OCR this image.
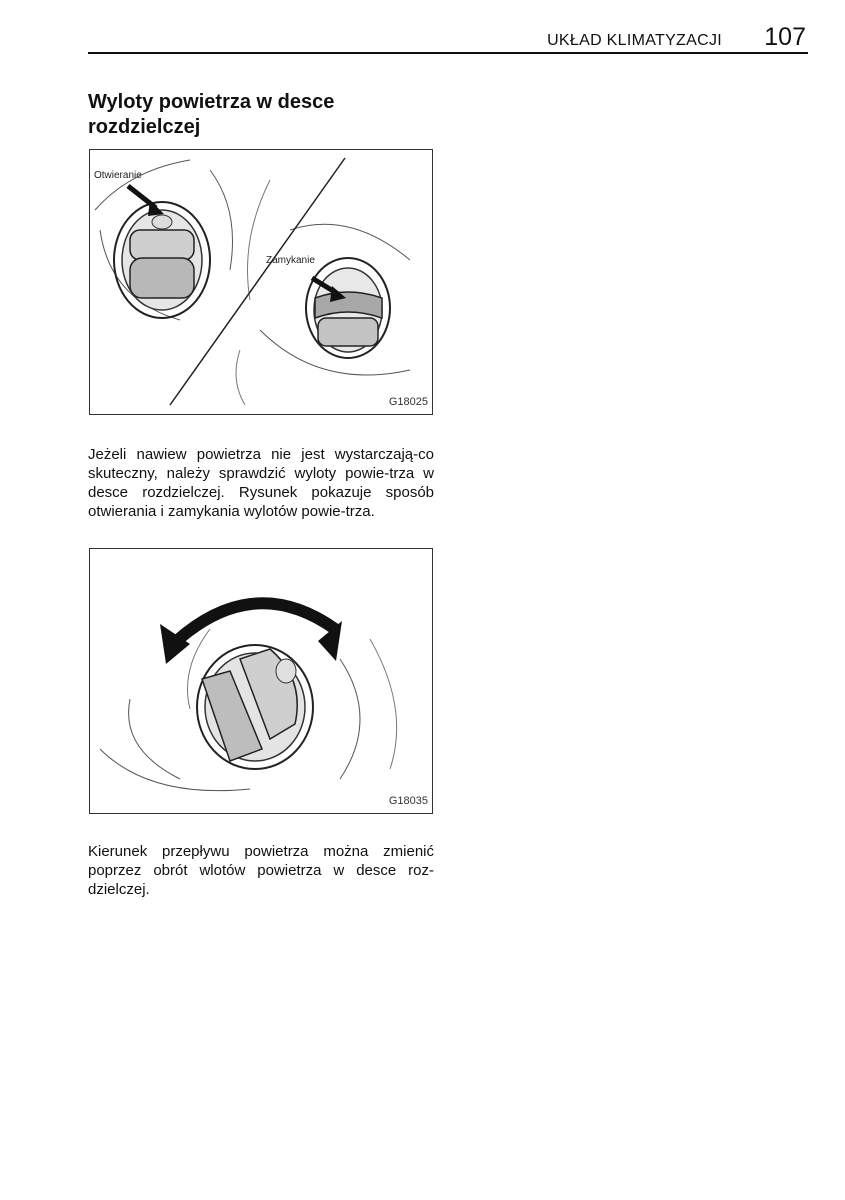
UKŁAD KLIMATYZACJI 107
Wyloty powietrza w desce rozdzielczej
Otwieranie
Zamykanie
G18025

Jeżeli nawiew powietrza nie jest wystarczają-co skuteczny, należy sprawdzić wyloty powie-trza w desce rozdzielczej. Rysunek pokazuje sposób otwierania i zamykania wylotów powie-trza.

G18035

Kierunek przepływu powietrza można zmienić poprzez obrót wlotów powietrza w desce roz-dzielczej.
